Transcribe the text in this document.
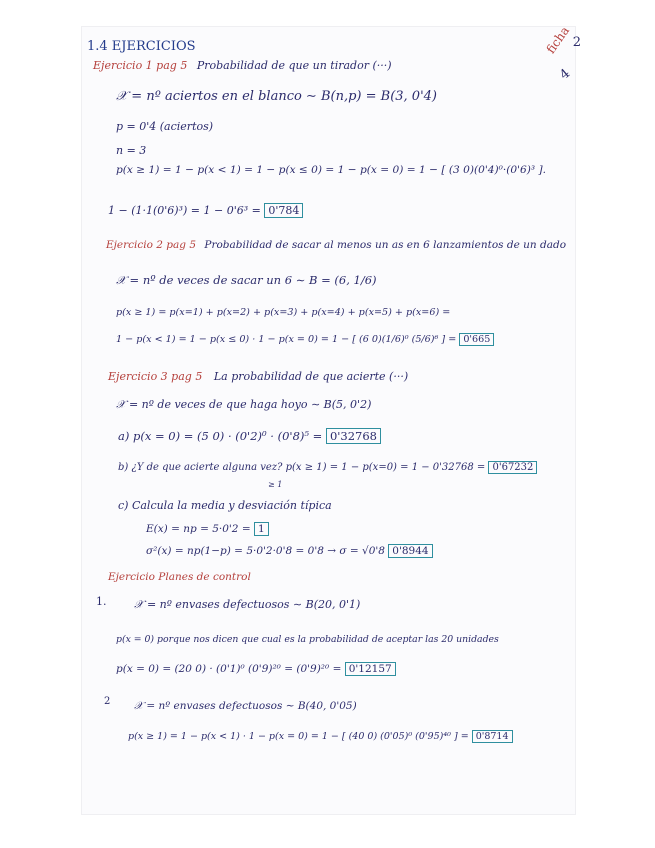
ficha 2
4
1.4 EJERCICIOS
Ejercicio 1 pag 5 Probabilidad de que un tirador (···)
𝒳 = nº aciertos en el blanco ∼ B(n,p) = B(3, 0'4)
p = 0'4 (aciertos)
n = 3
p(x ≥ 1) = 1 − p(x < 1) = 1 − p(x ≤ 0) = 1 − p(x = 0) = 1 − [ (3 0)(0'4)⁰·(0'6)³ ].
1 − (1·1(0'6)³) = 1 − 0'6³ = 0'784
Ejercicio 2 pag 5 Probabilidad de sacar al menos un as en 6 lanzamientos de un dado
𝒳 = nº de veces de sacar un 6 ∼ B = (6, 1/6)
p(x ≥ 1) = p(x=1) + p(x=2) + p(x=3) + p(x=4) + p(x=5) + p(x=6) =
1 − p(x < 1) = 1 − p(x ≤ 0) · 1 − p(x = 0) = 1 − [ (6 0)(1/6)⁰ (5/6)⁶ ] = 0'665
Ejercicio 3 pag 5 La probabilidad de que acierte (···)
𝒳 = nº de veces de que haga hoyo ∼ B(5, 0'2)
a) p(x = 0) = (5 0) · (0'2)⁰ · (0'8)⁵ = 0'32768
b) ¿Y de que acierte alguna vez? p(x ≥ 1) = 1 − p(x=0) = 1 − 0'32768 = 0'67232
≥ 1
c) Calcula la media y desviación típica
E(x) = np = 5·0'2 = 1
σ²(x) = np(1−p) = 5·0'2·0'8 = 0'8 → σ = √0'8 0'8944
Ejercicio Planes de control
1.	𝒳 = nº envases defectuosos ∼ B(20, 0'1)
p(x = 0) porque nos dicen que cual es la probabilidad de aceptar las 20 unidades
p(x = 0) = (20 0) · (0'1)⁰ (0'9)²⁰ = (0'9)²⁰ = 0'12157
2 𝒳 = nº envases defectuosos ∼ B(40, 0'05)
p(x ≥ 1) = 1 − p(x < 1) · 1 − p(x = 0) = 1 − [ (40 0) (0'05)⁰ (0'95)⁴⁰ ] = 0'8714
